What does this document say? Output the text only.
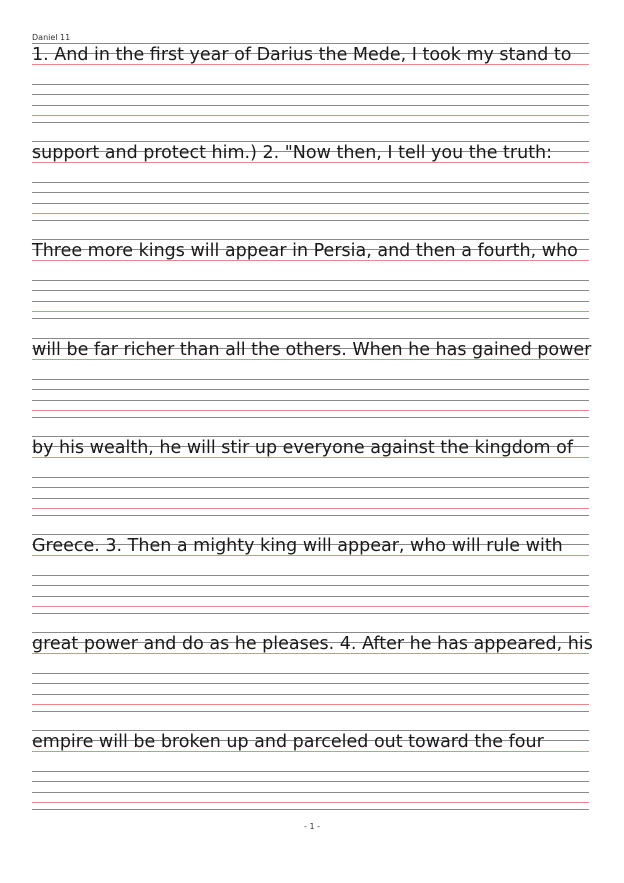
Daniel 11
1. And in the first year of Darius the Mede, I took my stand to
support and protect him.) 2. "Now then, I tell you the truth:
Three more kings will appear in Persia, and then a fourth, who
will be far richer than all the others. When he has gained power
by his wealth, he will stir up everyone against the kingdom of
Greece. 3. Then a mighty king will appear, who will rule with
great power and do as he pleases. 4. After he has appeared, his
empire will be broken up and parceled out toward the four
- 1 -
